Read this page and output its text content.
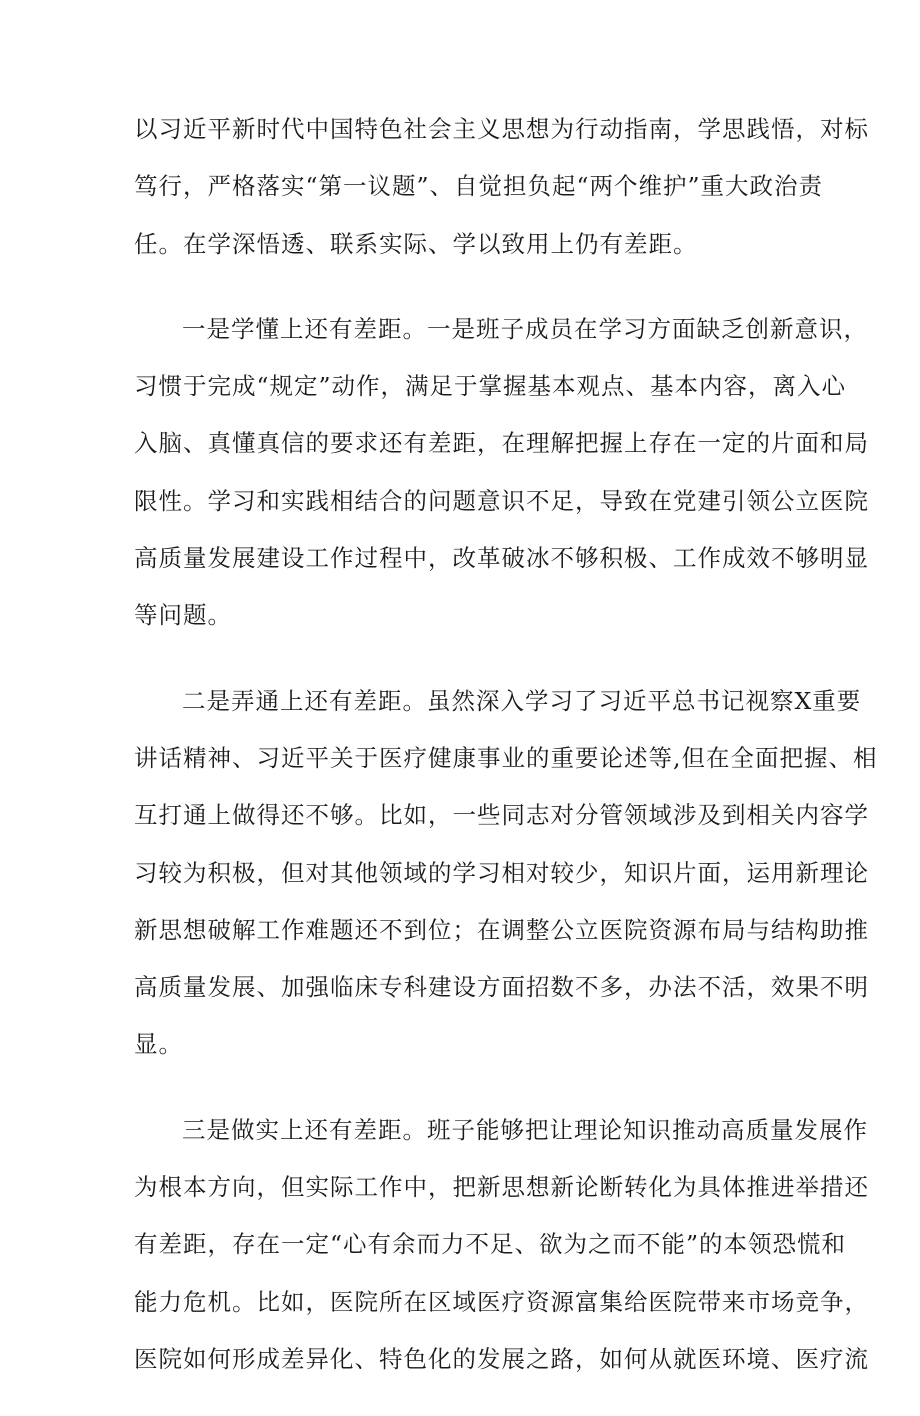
以习近平新时代中国特色社会主义思想为行动指南，学思践悟，对标
笃行，严格落实“第一议题”、自觉担负起“两个维护”重大政治责
任。在学深悟透、联系实际、学以致用上仍有差距。

一是学懂上还有差距。一是班子成员在学习方面缺乏创新意识，
习惯于完成“规定”动作，满足于掌握基本观点、基本内容，离入心
入脑、真懂真信的要求还有差距，在理解把握上存在一定的片面和局
限性。学习和实践相结合的问题意识不足，导致在党建引领公立医院
高质量发展建设工作过程中，改革破冰不够积极、工作成效不够明显
等问题。

二是弄通上还有差距。虽然深入学习了习近平总书记视察X重要
讲话精神、习近平关于医疗健康事业的重要论述等,但在全面把握、相
互打通上做得还不够。比如，一些同志对分管领域涉及到相关内容学
习较为积极，但对其他领域的学习相对较少，知识片面，运用新理论
新思想破解工作难题还不到位；在调整公立医院资源布局与结构助推
高质量发展、加强临床专科建设方面招数不多，办法不活，效果不明
显。

三是做实上还有差距。班子能够把让理论知识推动高质量发展作
为根本方向，但实际工作中，把新思想新论断转化为具体推进举措还
有差距，存在一定“心有余而力不足、欲为之而不能”的本领恐慌和
能力危机。比如，医院所在区域医疗资源富集给医院带来市场竞争，
医院如何形成差异化、特色化的发展之路，如何从就医环境、医疗流
